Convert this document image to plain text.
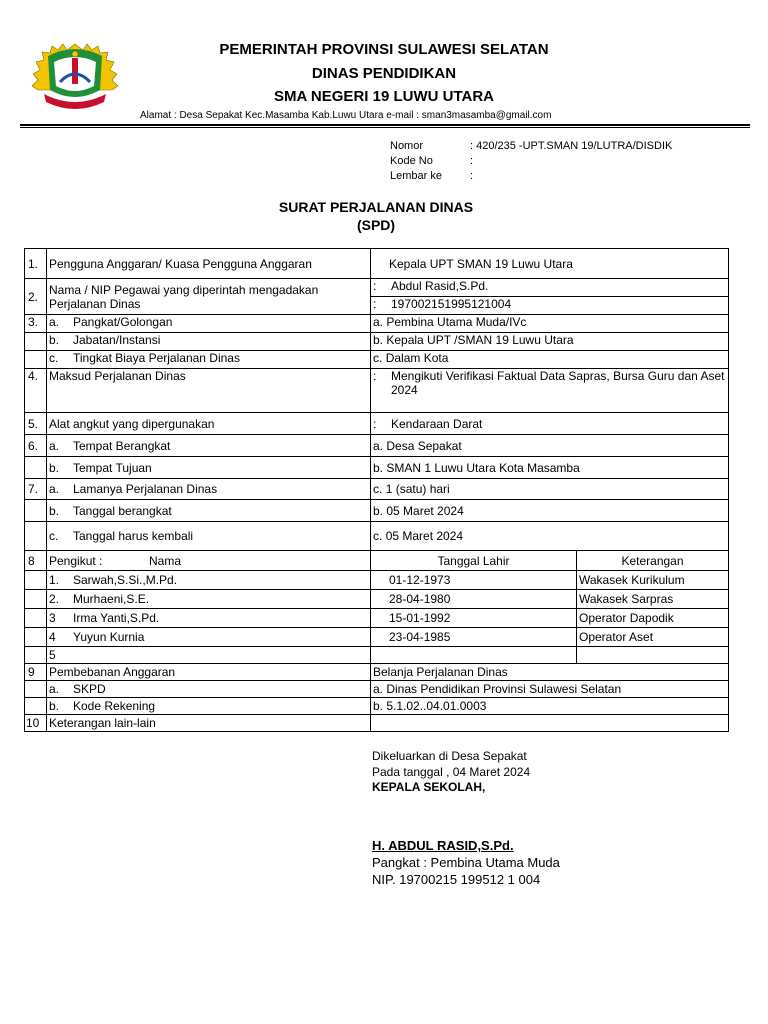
PEMERINTAH PROVINSI SULAWESI SELATAN
DINAS PENDIDIKAN
SMA NEGERI 19 LUWU UTARA
Alamat : Desa Sepakat Kec.Masamba Kab.Luwu Utara e-mail : sman3masamba@gmail.com
Nomor	: 420/235 -UPT.SMAN 19/LUTRA/DISDIK
Kode No	:
Lembar ke	:
SURAT PERJALANAN DINAS
(SPD)
1.	Pengguna Anggaran/ Kuasa Pengguna Anggaran	Kepala UPT SMAN 19 Luwu Utara	
2.	Nama / NIP Pegawai yang diperintah mengadakan Perjalanan Dinas	: Abdul Rasid,S.Pd.	
		: 197002151995121004	
3.	a. Pangkat/Golongan	a. Pembina Utama Muda/IVc	
	b. Jabatan/Instansi	b. Kepala UPT /SMAN 19 Luwu Utara	
	c. Tingkat Biaya Perjalanan Dinas	c. Dalam Kota	
4.	Maksud Perjalanan Dinas	: Mengikuti Verifikasi Faktual Data Sapras, Bursa Guru dan Aset 2024	

5.	Alat angkut yang dipergunakan	: Kendaraan Darat	
6.	a. Tempat Berangkat	a. Desa Sepakat	
	b. Tempat Tujuan	b. SMAN 1 Luwu Utara Kota Masamba	
7.	a. Lamanya Perjalanan Dinas	c. 1 (satu) hari	
	b. Tanggal berangkat	b. 05 Maret 2024	
	c. Tanggal harus kembali	c. 05 Maret 2024	
8	Pengikut : Nama	Tanggal Lahir	Keterangan
	1. Sarwah,S.Si.,M.Pd.	01-12-1973	Wakasek Kurikulum
	2. Murhaeni,S.E.	28-04-1980	Wakasek Sarpras
	3 Irma Yanti,S.Pd.	15-01-1992	Operator Dapodik
	4 Yuyun Kurnia	23-04-1985	Operator Aset
	5		
9	Pembebanan Anggaran	Belanja Perjalanan Dinas	
	a. SKPD	a. Dinas Pendidikan Provinsi Sulawesi Selatan	
	b. Kode Rekening	b. 5.1.02..04.01.0003	
10	Keterangan lain-lain		
Dikeluarkan di Desa Sepakat
Pada tanggal , 04 Maret 2024
KEPALA SEKOLAH,
H. ABDUL RASID,S.Pd.
Pangkat : Pembina Utama Muda
NIP. 19700215 199512 1 004
